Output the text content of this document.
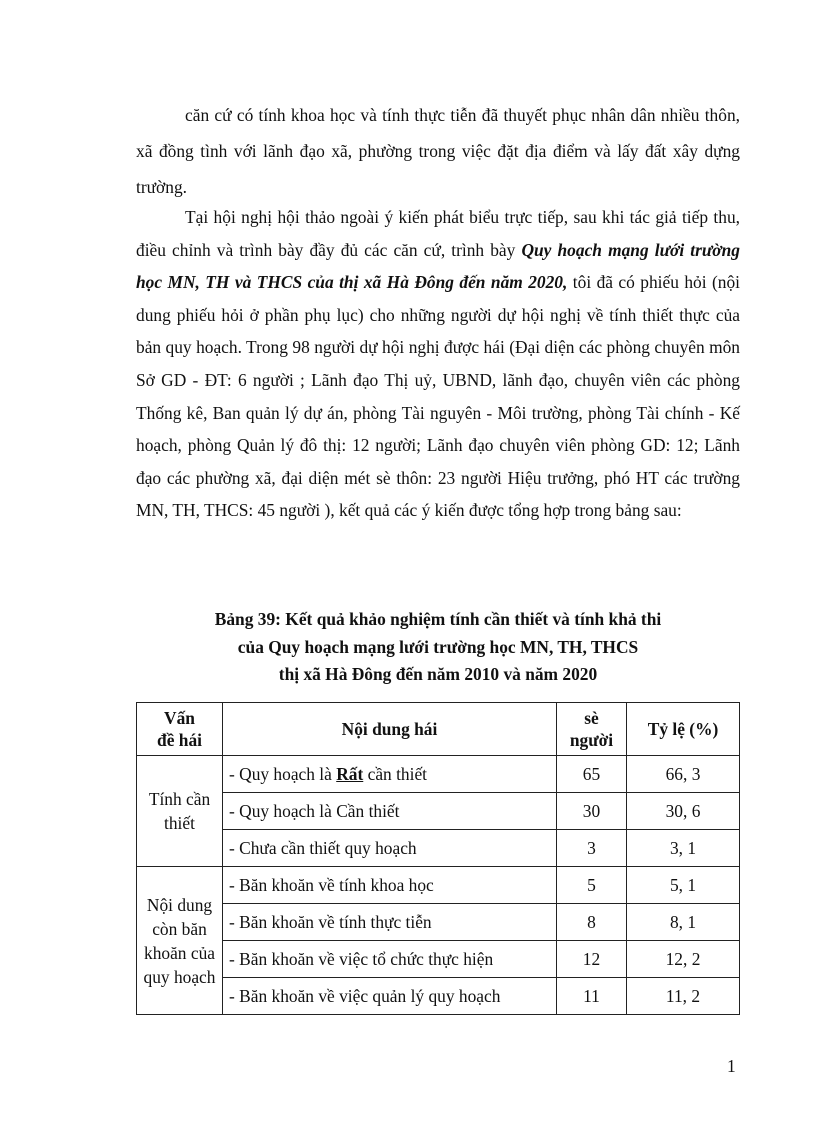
căn cứ có tính khoa học và tính thực tiễn đã thuyết phục nhân dân nhiều thôn, xã đồng tình với lãnh đạo xã, phường trong việc đặt địa điểm và lấy đất xây dựng trường.

Tại hội nghị hội thảo ngoài ý kiến phát biểu trực tiếp, sau khi tác giả tiếp thu, điều chỉnh và trình bày đầy đủ các căn cứ, trình bày Quy hoạch mạng lưới trường học MN, TH và THCS của thị xã Hà Đông đến năm 2020, tôi đã có phiếu hỏi (nội dung phiếu hỏi ở phần phụ lục) cho những người dự hội nghị về tính thiết thực của bản quy hoạch. Trong 98 người dự hội nghị được hái (Đại diện các phòng chuyên môn Sở GD - ĐT: 6 người ; Lãnh đạo Thị uỷ, UBND, lãnh đạo, chuyên viên các phòng Thống kê, Ban quản lý dự án, phòng Tài nguyên - Môi trường, phòng Tài chính - Kế hoạch, phòng Quản lý đô thị: 12 người; Lãnh đạo chuyên viên phòng GD: 12; Lãnh đạo các phường xã, đại diện mét sè thôn: 23 người Hiệu trưởng, phó HT các trường MN, TH, THCS: 45 người ), kết quả các ý kiến được tổng hợp trong bảng sau:

Bảng 39: Kết quả khảo nghiệm tính cần thiết và tính khả thi
của Quy hoạch mạng lưới trường học MN, TH, THCS
thị xã Hà Đông đến năm 2010 và năm 2020
Vấn đề hái	Nội dung hái	sè người	Tỷ lệ (%)
Tính cần thiết	- Quy hoạch là Rất cần thiết	65	66, 3
	- Quy hoạch là Cần thiết	30	30, 6
	- Chưa cần thiết quy hoạch	3	3, 1
Nội dung còn băn khoăn của quy hoạch	- Băn khoăn về tính khoa học	5	5, 1
	- Băn khoăn về tính thực tiễn	8	8, 1
	- Băn khoăn về việc tổ chức thực hiện	12	12, 2
	- Băn khoăn về việc quản lý quy hoạch	11	11, 2
1
